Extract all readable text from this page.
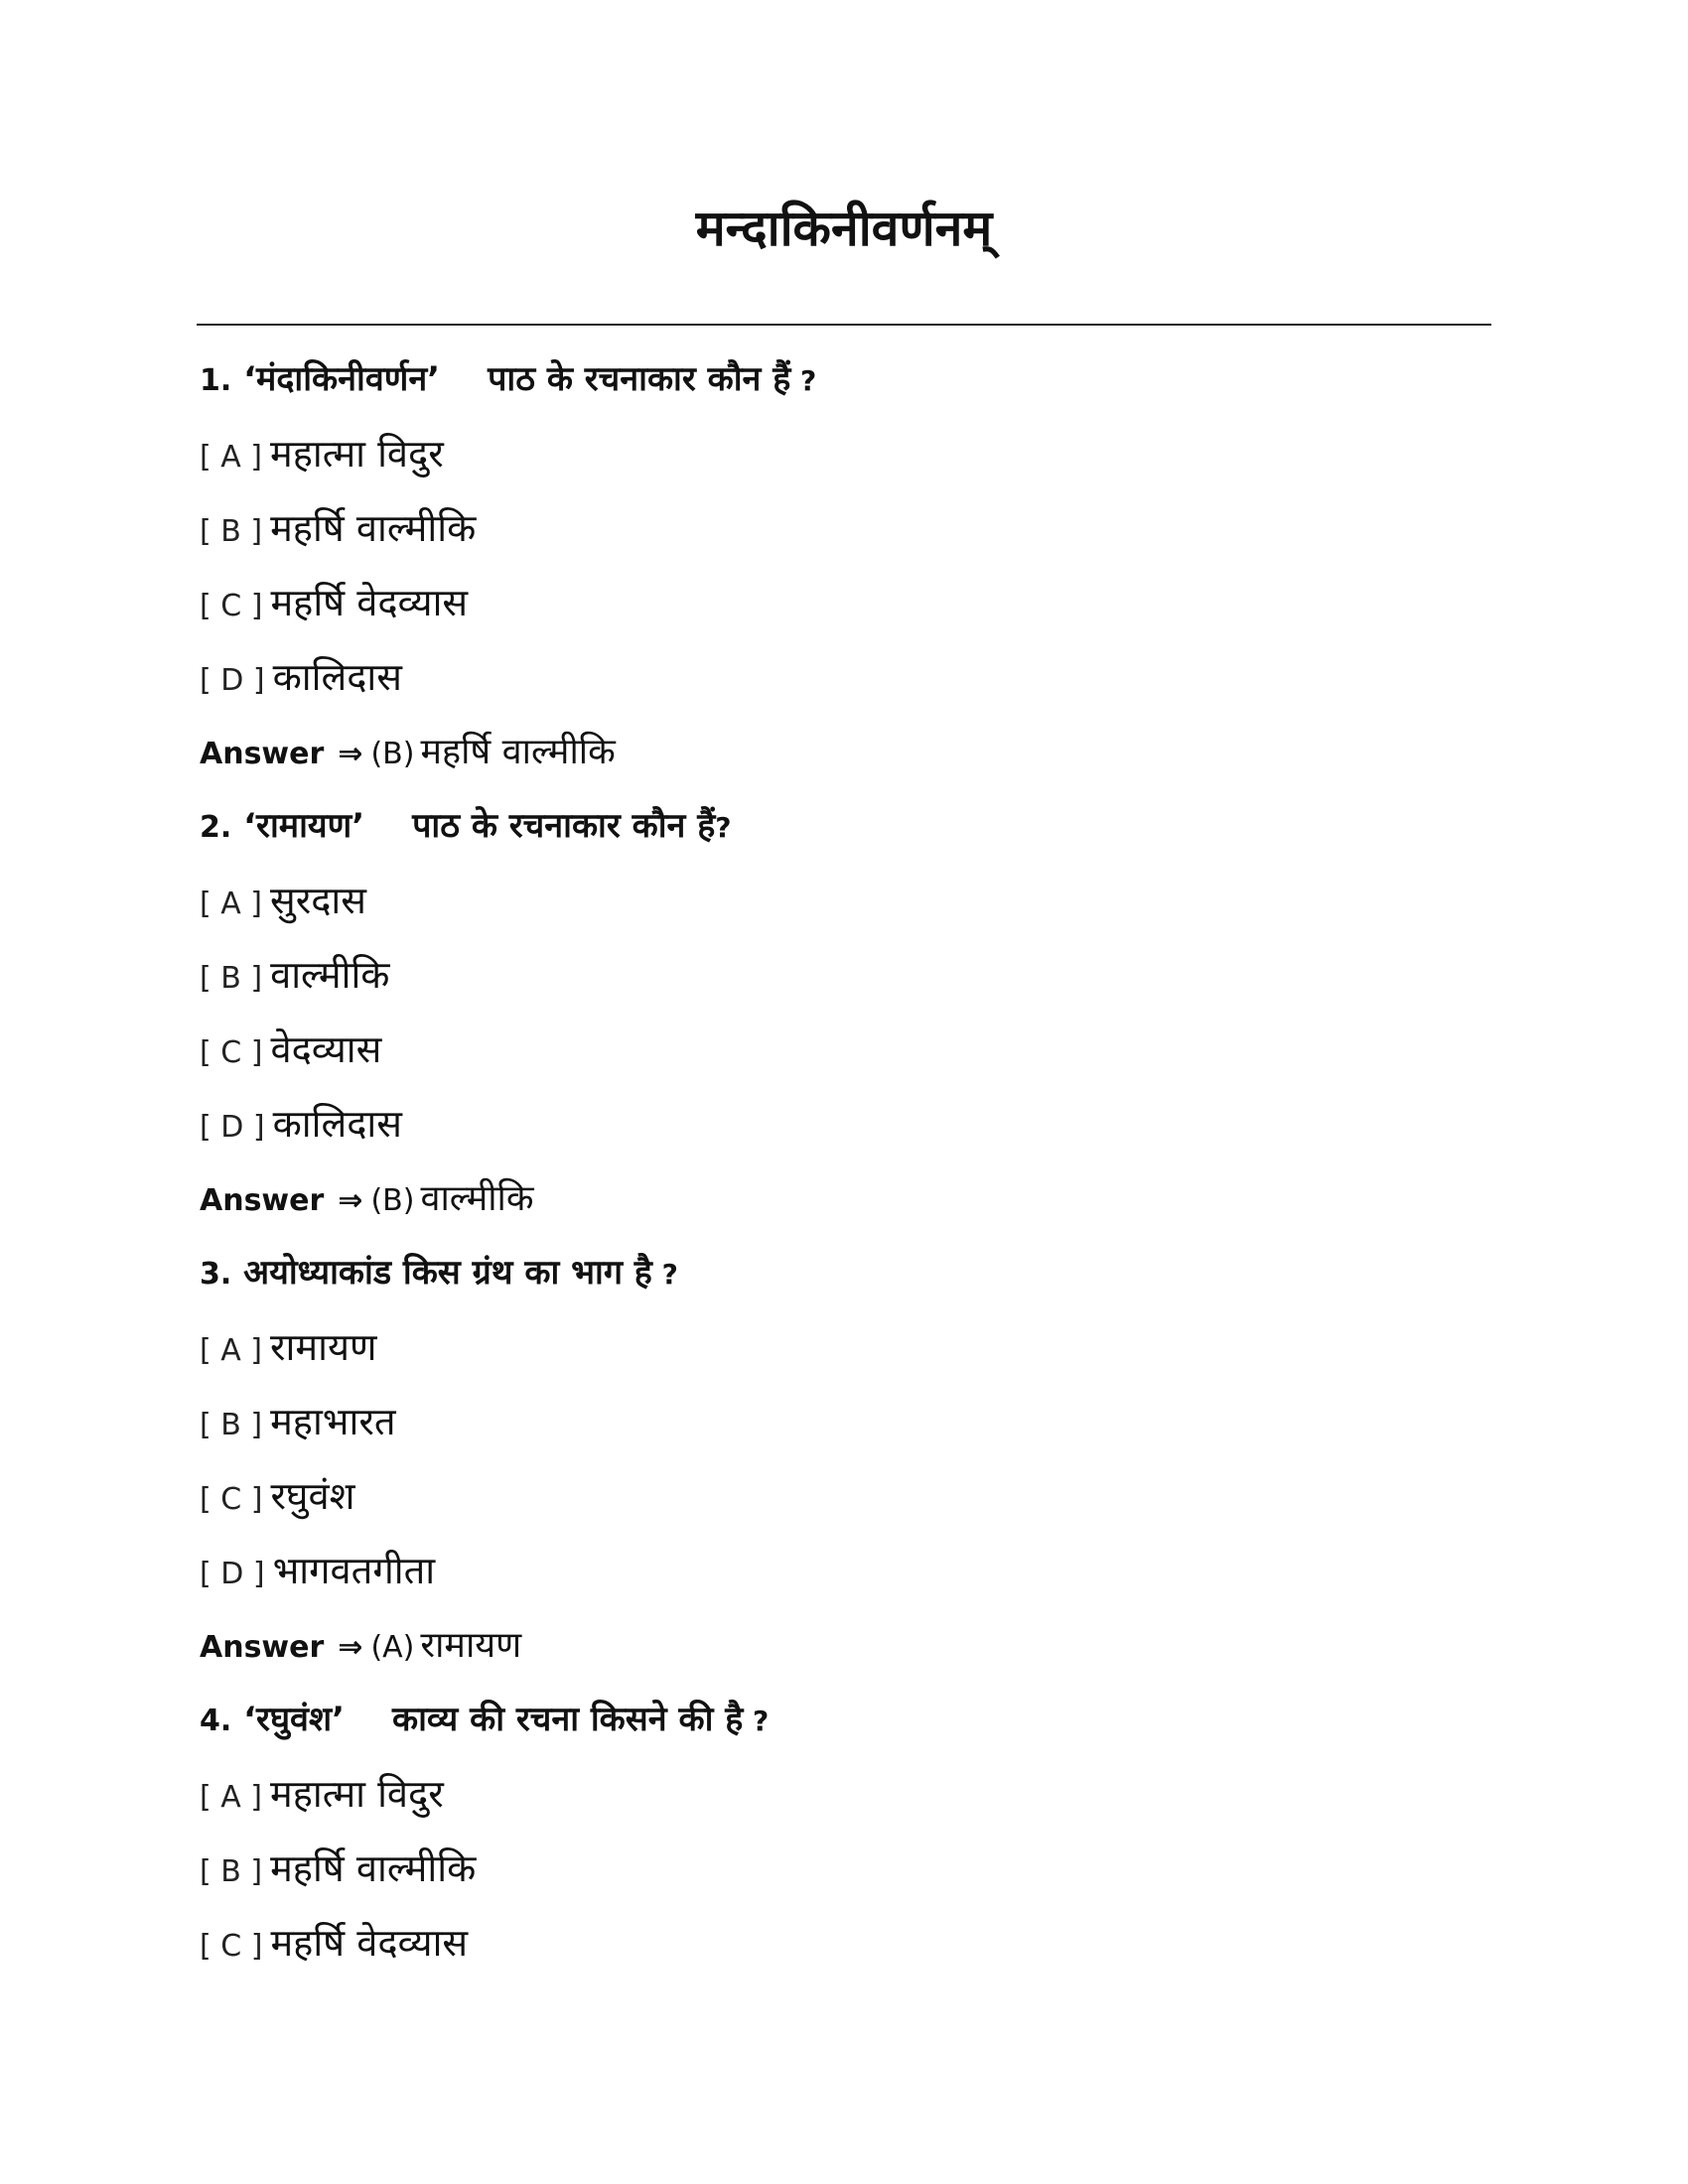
मन्दाकिनीवर्णनम्
1. ‘मंदाकिनीवर्णन’ पाठ के रचनाकार कौन हैं ?
[ A ] महात्मा विदुर
[ B ] महर्षि वाल्मीकि
[ C ] महर्षि वेदव्यास
[ D ] कालिदास
Answer ⇒ (B) महर्षि वाल्मीकि
2. ‘रामायण’ पाठ के रचनाकार कौन हैं?
[ A ] सुरदास
[ B ] वाल्मीकि
[ C ] वेदव्यास
[ D ] कालिदास
Answer ⇒ (B) वाल्मीकि
3. अयोध्याकांड किस ग्रंथ का भाग है ?
[ A ] रामायण
[ B ] महाभारत
[ C ] रघुवंश
[ D ] भागवतगीता
Answer ⇒ (A) रामायण
4. ‘रघुवंश’ काव्य की रचना किसने की है ?
[ A ] महात्मा विदुर
[ B ] महर्षि वाल्मीकि
[ C ] महर्षि वेदव्यास
